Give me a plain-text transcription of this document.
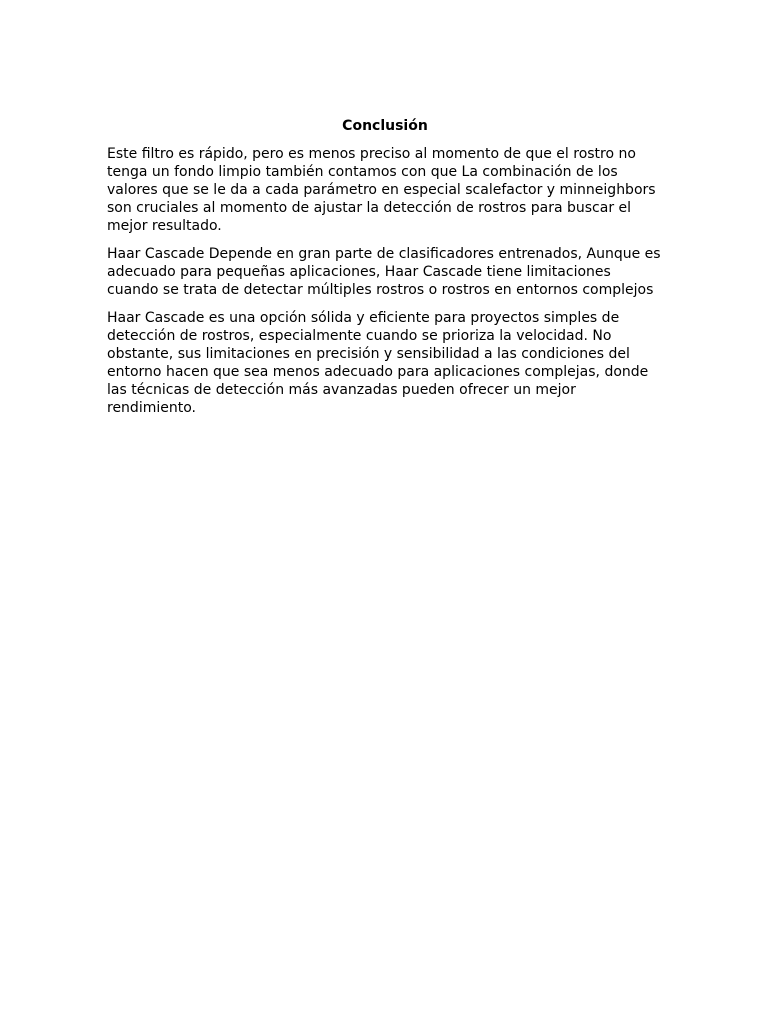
Conclusión

Este filtro es rápido, pero es menos preciso al momento de que el rostro no tenga un fondo limpio también contamos con que La combinación de los valores que se le da a cada parámetro en especial scalefactor y minneighbors son cruciales al momento de ajustar la detección de rostros para buscar el mejor resultado.

Haar Cascade Depende en gran parte de clasificadores entrenados, Aunque es adecuado para pequeñas aplicaciones, Haar Cascade tiene limitaciones cuando se trata de detectar múltiples rostros o rostros en entornos complejos

Haar Cascade es una opción sólida y eficiente para proyectos simples de detección de rostros, especialmente cuando se prioriza la velocidad. No obstante, sus limitaciones en precisión y sensibilidad a las condiciones del entorno hacen que sea menos adecuado para aplicaciones complejas, donde las técnicas de detección más avanzadas pueden ofrecer un mejor rendimiento.
